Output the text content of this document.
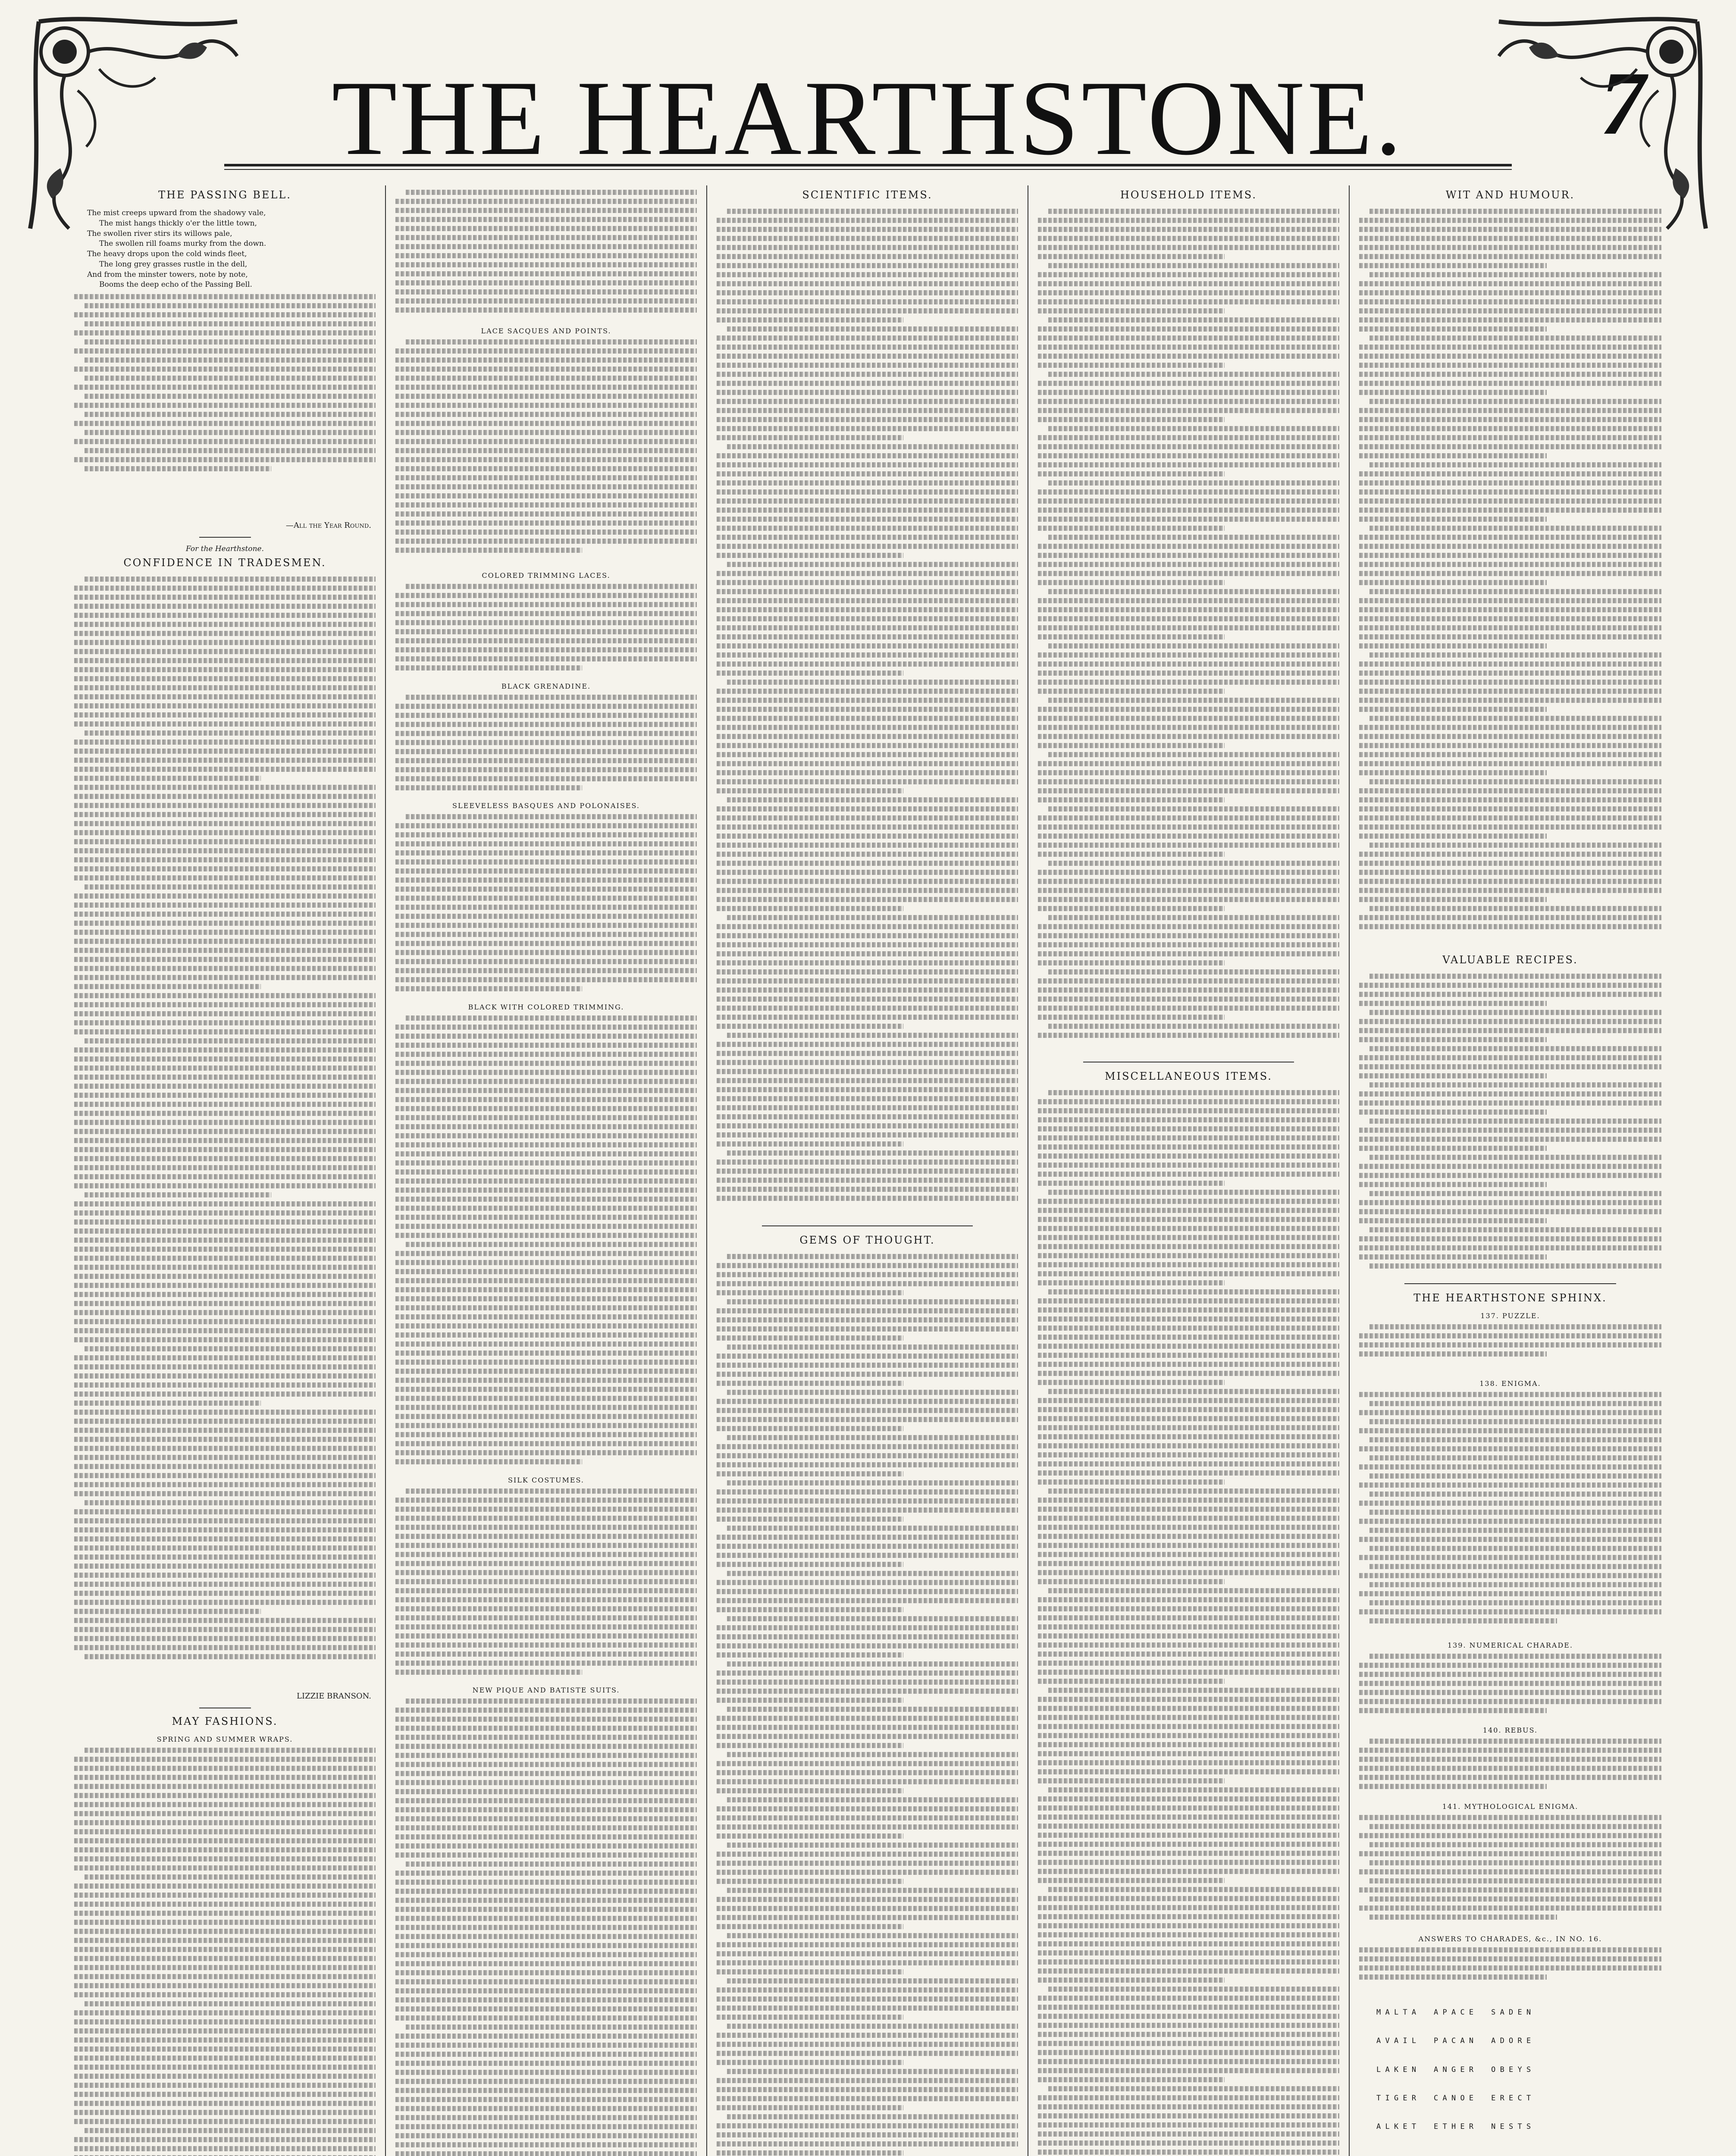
THE HEARTHSTONE.	7
THE PASSING BELL.

The mist creeps upward from the shadowy vale,

The mist hangs thickly o'er the little town,

The swollen river stirs its willows pale,

The swollen rill foams murky from the down.

The heavy drops upon the cold winds fleet,

The long grey grasses rustle in the dell,

And from the minster towers, note by note,

Booms the deep echo of the Passing Bell.

—All the Year Round.
For the Hearthstone.
CONFIDENCE IN TRADESMEN.
LIZZIE BRANSON.
MAY FASHIONS.
SPRING AND SUMMER WRAPS.
LACE SACQUES AND POINTS.
COLORED TRIMMING LACES.
BLACK GRENADINE.
SLEEVELESS BASQUES AND POLONAISES.
BLACK WITH COLORED TRIMMING.
SILK COSTUMES.
NEW PIQUE AND BATISTE SUITS.
SCIENTIFIC ITEMS.
GEMS OF THOUGHT.
HOUSEHOLD ITEMS.
MISCELLANEOUS ITEMS.
WIT AND HUMOUR.
VALUABLE RECIPES.
THE HEARTHSTONE SPHINX.
137. PUZZLE.
138. ENIGMA.
139. NUMERICAL CHARADE.
140. REBUS.
141. MYTHOLOGICAL ENIGMA.
ANSWERS TO CHARADES, &c., IN NO. 16.

M A L T A    A P A C E    S A D E N

A V A I L    P A C A N    A D O R E

L A K E N    A N G E R    O B E Y S

T I G E R    C A N O E    E R E C T

A L K E T    E T H E R    N E S T S
